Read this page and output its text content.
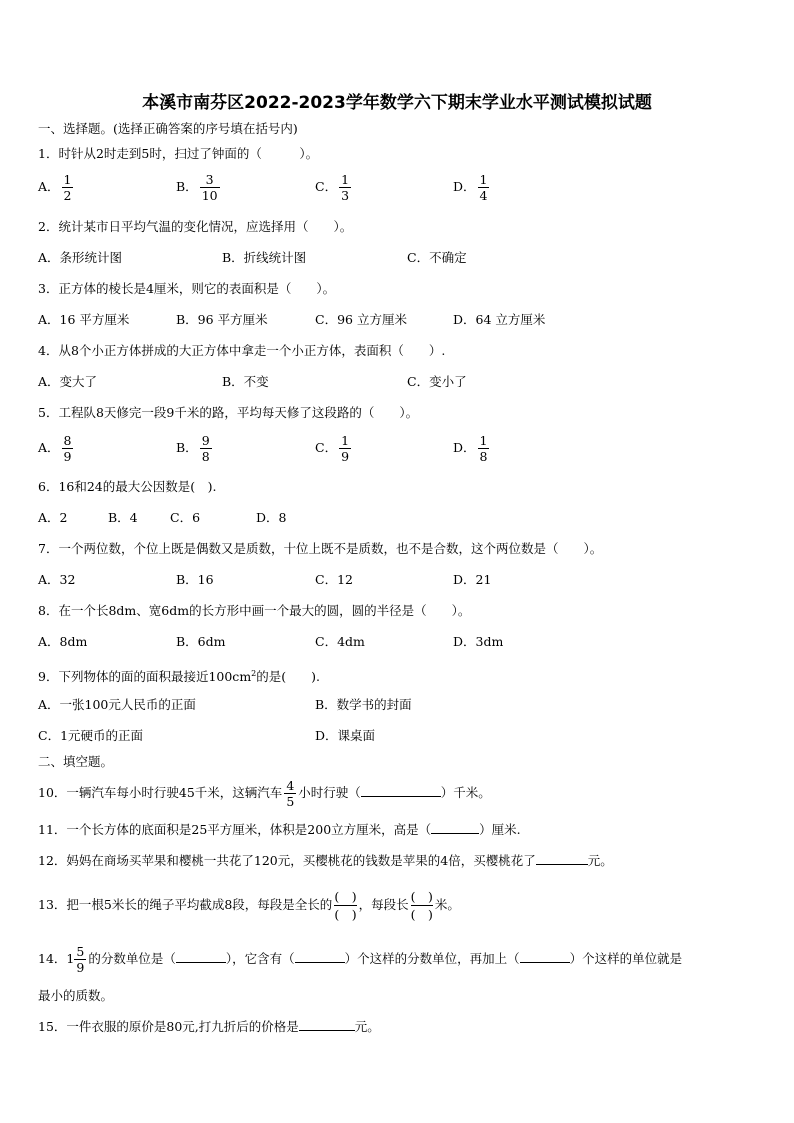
本溪市南芬区2022-2023学年数学六下期末学业水平测试模拟试题
一、选择题。(选择正确答案的序号填在括号内)
1．时针从2时走到5时，扫过了钟面的（　　　）。
A． $\frac{1}{2}$	B． $\frac{3}{10}$	C． $\frac{1}{3}$	D． $\frac{1}{4}$
2．统计某市日平均气温的变化情况，应选择用（　　）。
A．条形统计图	B．折线统计图	C．不确定
3．正方体的棱长是4厘米，则它的表面积是（　　）。
A．16 平方厘米	B．96 平方厘米	C．96 立方厘米	D．64 立方厘米
4．从8个小正方体拼成的大正方体中拿走一个小正方体，表面积（　　）.
A．变大了	B．不变	C．变小了
5．工程队8天修完一段9千米的路，平均每天修了这段路的（　　）。
A． $\frac{8}{9}$	B． $\frac{9}{8}$	C． $\frac{1}{9}$	D． $\frac{1}{8}$
6．16和24的最大公因数是(　).
A．2	B．4	C．6	D．8
7．一个两位数，个位上既是偶数又是质数，十位上既不是质数，也不是合数，这个两位数是（　　）。
A．32	B．16	C．12	D．21
8．在一个长8dm、宽6dm的长方形中画一个最大的圆，圆的半径是（　　）。
A．8dm	B．6dm	C．4dm	D．3dm
9．下列物体的面的面积最接近$100cm^2$的是(　　).
A．一张100元人民币的正面	B．数学书的封面
C．1元硬币的正面	D．课桌面
二、填空题。
10．一辆汽车每小时行驶45千米，这辆汽车 $\frac{4}{5}$ 小时行驶（	）千米。
11．一个长方体的底面积是25平方厘米，体积是200立方厘米，高是（	）厘米.
12．妈妈在商场买苹果和樱桃一共花了120元，买樱桃花的钱数是苹果的4倍，买樱桃花了	元。
13．把一根5米长的绳子平均截成8段，每段是全长的 $\frac{( )}{( )}$ ，每段长 $\frac{( )}{( )}$ 米。
14．$1 \frac{5}{9}$ 的分数单位是（	），它含有（	）个这样的分数单位，再加上（	）个这样的单位就是
最小的质数。
15．一件衣服的原价是80元,打九折后的价格是	元。
